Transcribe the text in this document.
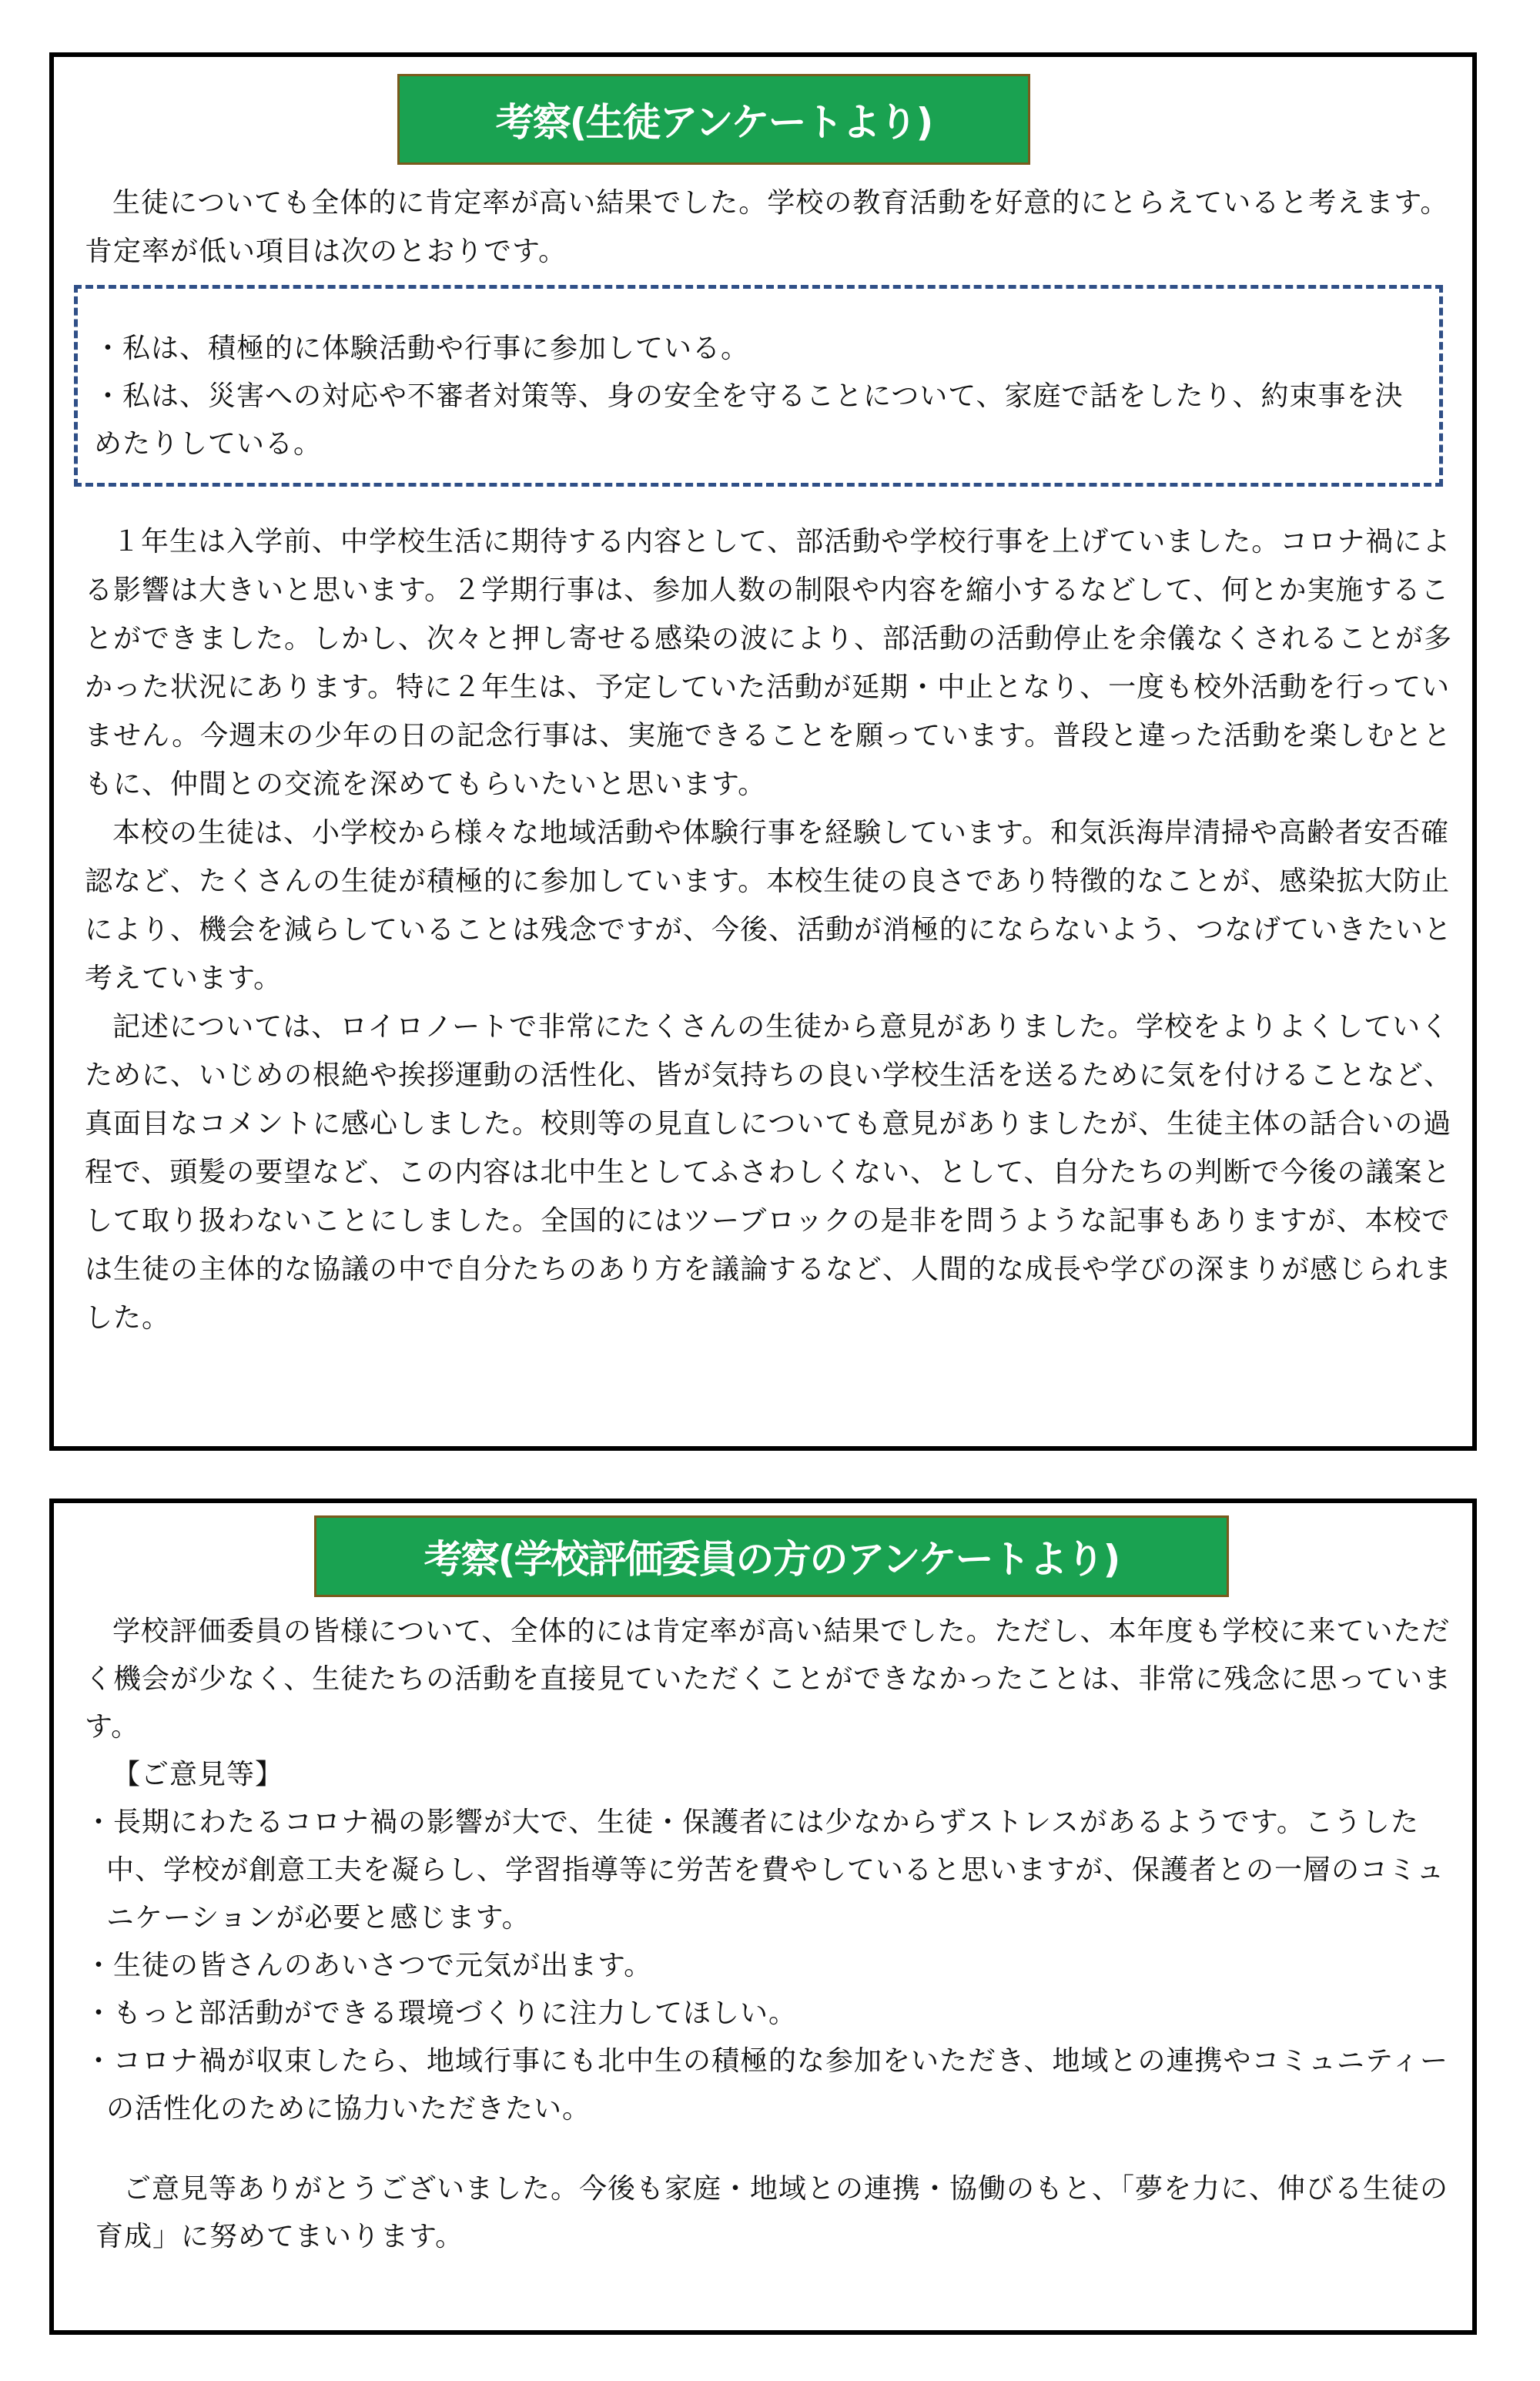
考察(生徒アンケートより)

生徒についても全体的に肯定率が高い結果でした。学校の教育活動を好意的にとらえていると考えます。肯定率が低い項目は次のとおりです。

・私は、積極的に体験活動や行事に参加している。

・私は、災害への対応や不審者対策等、身の安全を守ることについて、家庭で話をしたり、約束事を決めたりしている。

１年生は入学前、中学校生活に期待する内容として、部活動や学校行事を上げていました。コロナ禍による影響は大きいと思います。２学期行事は、参加人数の制限や内容を縮小するなどして、何とか実施することができました。しかし、次々と押し寄せる感染の波により、部活動の活動停止を余儀なくされることが多かった状況にあります。特に２年生は、予定していた活動が延期・中止となり、一度も校外活動を行っていません。今週末の少年の日の記念行事は、実施できることを願っています。普段と違った活動を楽しむとともに、仲間との交流を深めてもらいたいと思います。

本校の生徒は、小学校から様々な地域活動や体験行事を経験しています。和気浜海岸清掃や高齢者安否確認など、たくさんの生徒が積極的に参加しています。本校生徒の良さであり特徴的なことが、感染拡大防止により、機会を減らしていることは残念ですが、今後、活動が消極的にならないよう、つなげていきたいと考えています。

記述については、ロイロノートで非常にたくさんの生徒から意見がありました。学校をよりよくしていくために、いじめの根絶や挨拶運動の活性化、皆が気持ちの良い学校生活を送るために気を付けることなど、真面目なコメントに感心しました。校則等の見直しについても意見がありましたが、生徒主体の話合いの過程で、頭髪の要望など、この内容は北中生としてふさわしくない、として、自分たちの判断で今後の議案として取り扱わないことにしました。全国的にはツーブロックの是非を問うような記事もありますが、本校では生徒の主体的な協議の中で自分たちのあり方を議論するなど、人間的な成長や学びの深まりが感じられました。

考察(学校評価委員の方のアンケートより)

学校評価委員の皆様について、全体的には肯定率が高い結果でした。ただし、本年度も学校に来ていただく機会が少なく、生徒たちの活動を直接見ていただくことができなかったことは、非常に残念に思っています。

【ご意見等】

・長期にわたるコロナ禍の影響が大で、生徒・保護者には少なからずストレスがあるようです。こうした中、学校が創意工夫を凝らし、学習指導等に労苦を費やしていると思いますが、保護者との一層のコミュニケーションが必要と感じます。

・生徒の皆さんのあいさつで元気が出ます。

・もっと部活動ができる環境づくりに注力してほしい。

・コロナ禍が収束したら、地域行事にも北中生の積極的な参加をいただき、地域との連携やコミュニティーの活性化のために協力いただきたい。

ご意見等ありがとうございました。今後も家庭・地域との連携・協働のもと、「夢を力に、伸びる生徒の育成」に努めてまいります。
